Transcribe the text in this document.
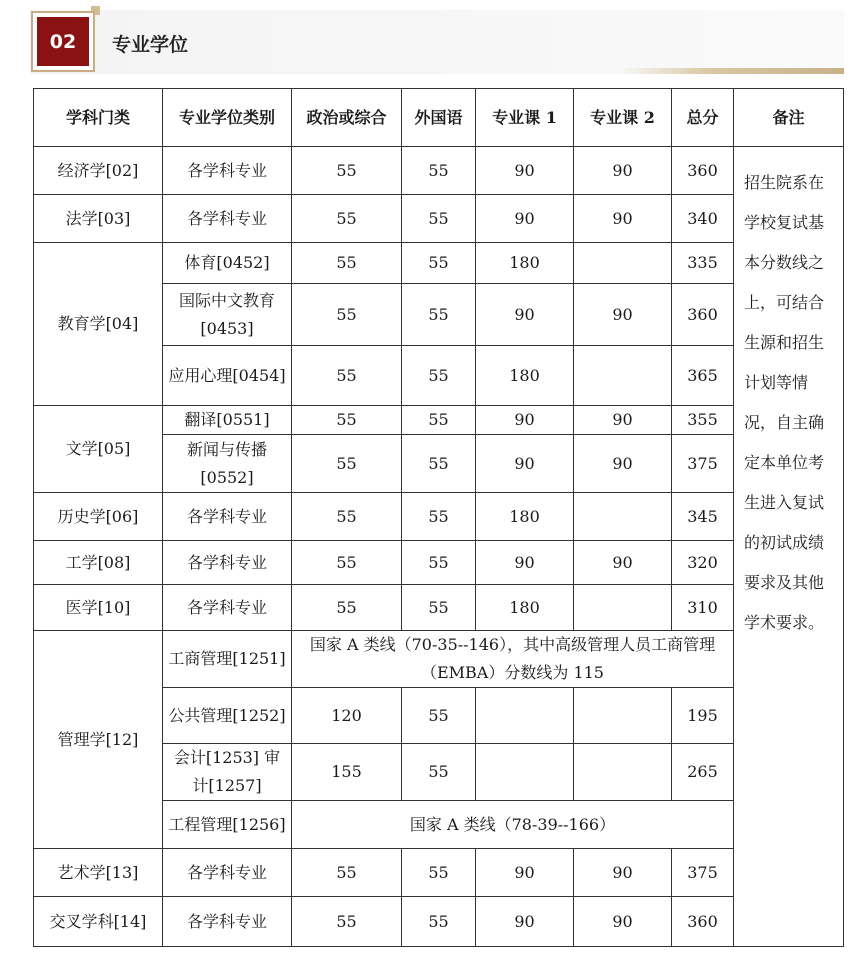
02	专业学位
学科门类	专业学位类别	政治或综合	外国语	专业课 1	专业课 2	总分	备注
经济学[02]	各学科专业	55	55	90	90	360	招生院系在学校复试基本分数线之上，可结合生源和招生计划等情况，自主确定本单位考生进入复试的初试成绩要求及其他学术要求。

法学[03]	各学科专业	55	55	90	90	340	
教育学[04]	体育[0452]	55	55	180		335	
	国际中文教育[0453]	55	55	90	90	360	
	应用心理[0454]	55	55	180		365	
文学[05]	翻译[0551]	55	55	90	90	355	
	新闻与传播[0552]	55	55	90	90	375	
历史学[06]	各学科专业	55	55	180		345	
工学[08]	各学科专业	55	55	90	90	320	
医学[10]	各学科专业	55	55	180		310	
管理学[12]	工商管理[1251]	国家 A 类线（70-35--146），其中高级管理人员工商管理（EMBA）分数线为 115					
	公共管理[1252]	120	55			195	
	会计[1253] 审计[1257]	155	55			265	
	工程管理[1256]	国家 A 类线（78-39--166）					
艺术学[13]	各学科专业	55	55	90	90	375	
交叉学科[14]	各学科专业	55	55	90	90	360	
